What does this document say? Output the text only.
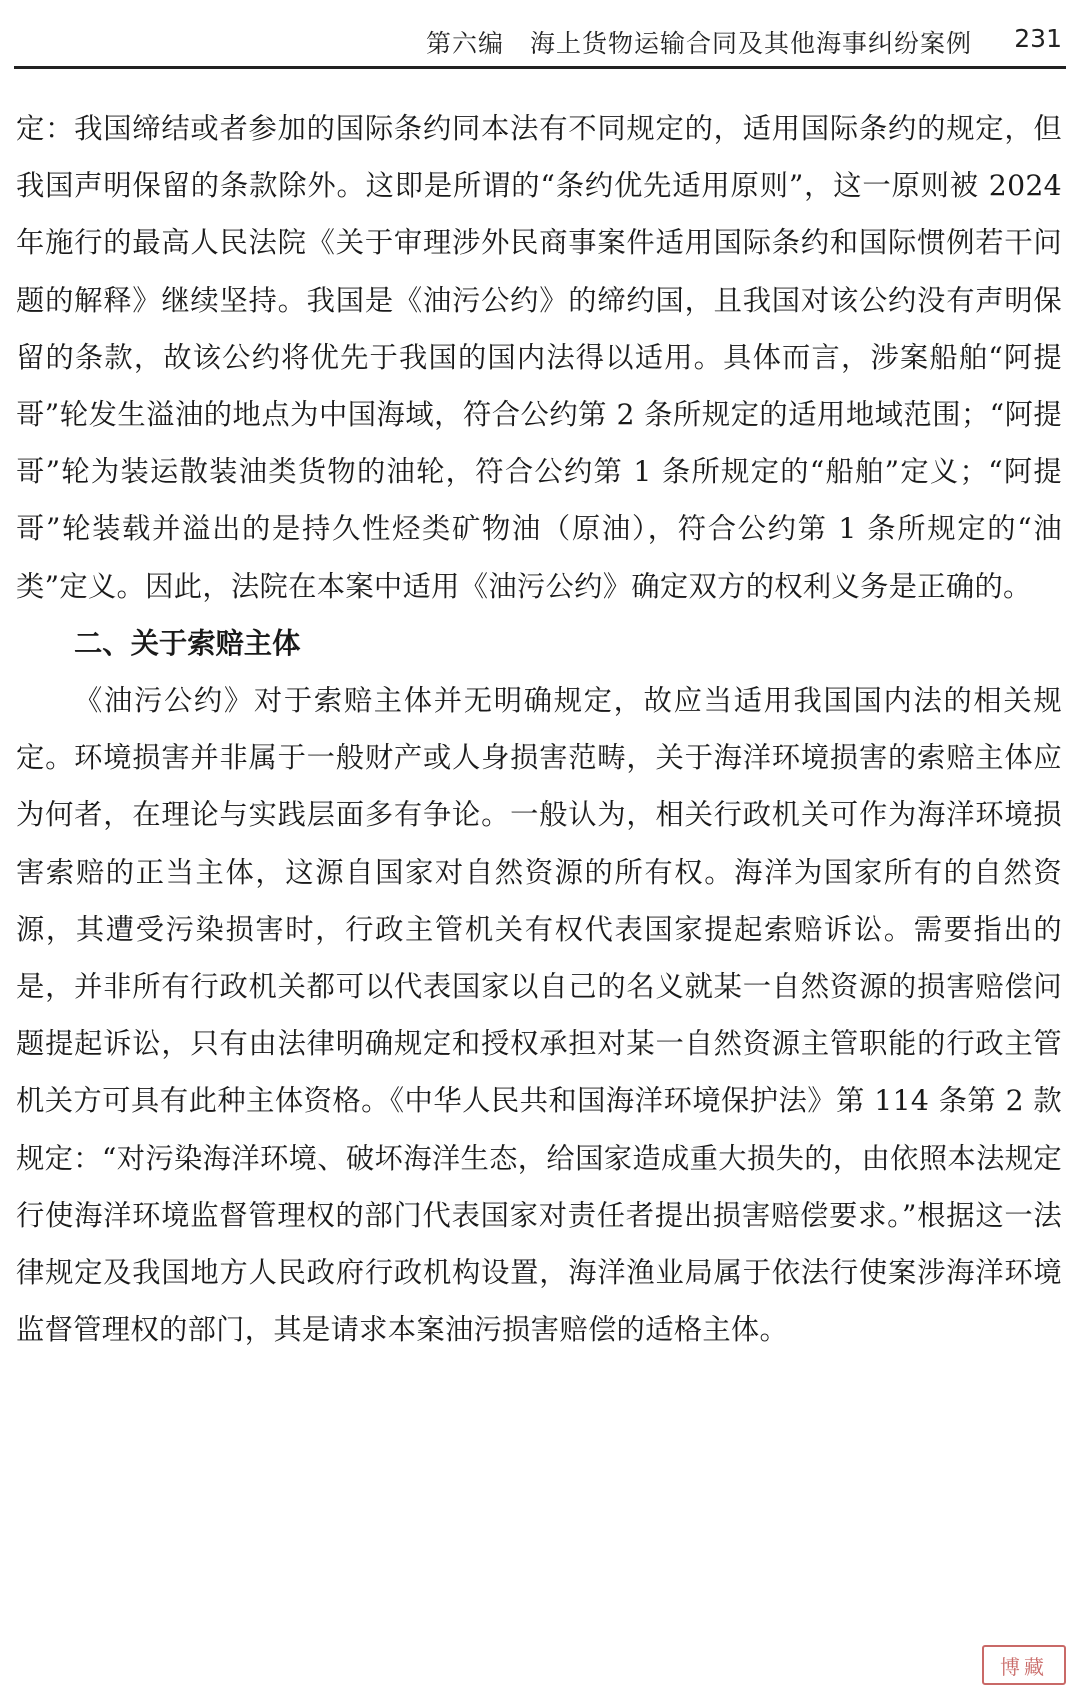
第六编 海上货物运输合同及其他海事纠纷案例 231

定：我国缔结或者参加的国际条约同本法有不同规定的，适用国际条约的规定，但我国声明保留的条款除外。这即是所谓的“条约优先适用原则”，这一原则被 2024 年施行的最高人民法院《关于审理涉外民商事案件适用国际条约和国际惯例若干问题的解释》继续坚持。我国是《油污公约》的缔约国，且我国对该公约没有声明保留的条款，故该公约将优先于我国的国内法得以适用。具体而言，涉案船舶“阿提哥”轮发生溢油的地点为中国海域，符合公约第 2 条所规定的适用地域范围；“阿提哥”轮为装运散装油类货物的油轮，符合公约第 1 条所规定的“船舶”定义；“阿提哥”轮装载并溢出的是持久性烃类矿物油（原油），符合公约第 1 条所规定的“油类”定义。因此，法院在本案中适用《油污公约》确定双方的权利义务是正确的。

二、关于索赔主体

《油污公约》对于索赔主体并无明确规定，故应当适用我国国内法的相关规定。环境损害并非属于一般财产或人身损害范畴，关于海洋环境损害的索赔主体应为何者，在理论与实践层面多有争论。一般认为，相关行政机关可作为海洋环境损害索赔的正当主体，这源自国家对自然资源的所有权。海洋为国家所有的自然资源，其遭受污染损害时，行政主管机关有权代表国家提起索赔诉讼。需要指出的是，并非所有行政机关都可以代表国家以自己的名义就某一自然资源的损害赔偿问题提起诉讼，只有由法律明确规定和授权承担对某一自然资源主管职能的行政主管机关方可具有此种主体资格。《中华人民共和国海洋环境保护法》第 114 条第 2 款规定：“对污染海洋环境、破坏海洋生态，给国家造成重大损失的，由依照本法规定行使海洋环境监督管理权的部门代表国家对责任者提出损害赔偿要求。”根据这一法律规定及我国地方人民政府行政机构设置，海洋渔业局属于依法行使案涉海洋环境监督管理权的部门，其是请求本案油污损害赔偿的适格主体。

博藏
